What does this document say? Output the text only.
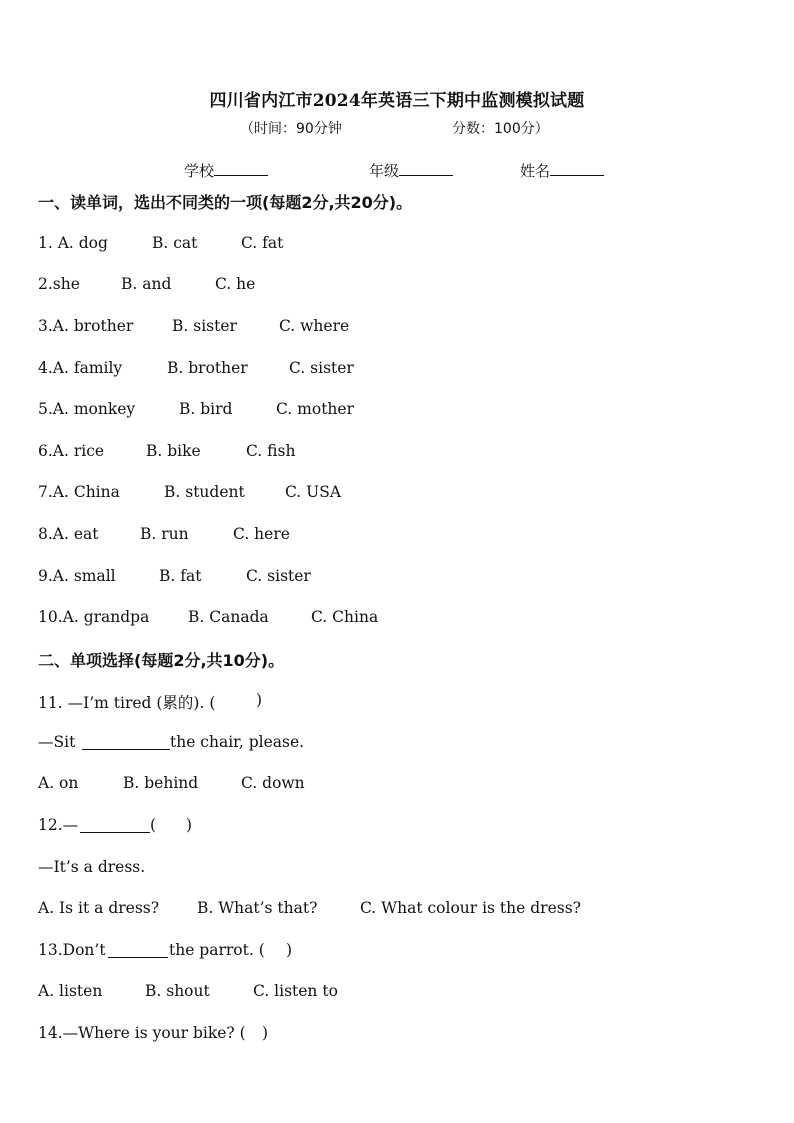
四川省内江市2024年英语三下期中监测模拟试题
（时间：90分钟	分数：100分）
学校	年级	姓名
一、读单词，选出不同类的一项(每题2分,共20分)。
1. A. dog	B. cat	C. fat
2.she	B. and	C. he
3.A. brother B. sister	C. where
4.A. family	B. brother	C. sister
5.A. monkey	B. bird	C. mother
6.A. rice	B. bike	C. fish
7.A. China	B. student	C. USA
8.A. eat	B. run	C. here
9.A. small	B. fat	C. sister
10.A. grandpa B. Canada	C. China
二、单项选择(每题2分,共10分)。
11. —I’m tired (累的). (	)
—Sit	the chair, please.
A. on	B. behind	C. down
12.—	( )
—It’s a dress.
A. Is it a dress? B. What’s that?	C. What colour is the dress?
13.Don’t	the parrot. ( )
A. listen	B. shout	C. listen to
14.—Where is your bike? ( )
